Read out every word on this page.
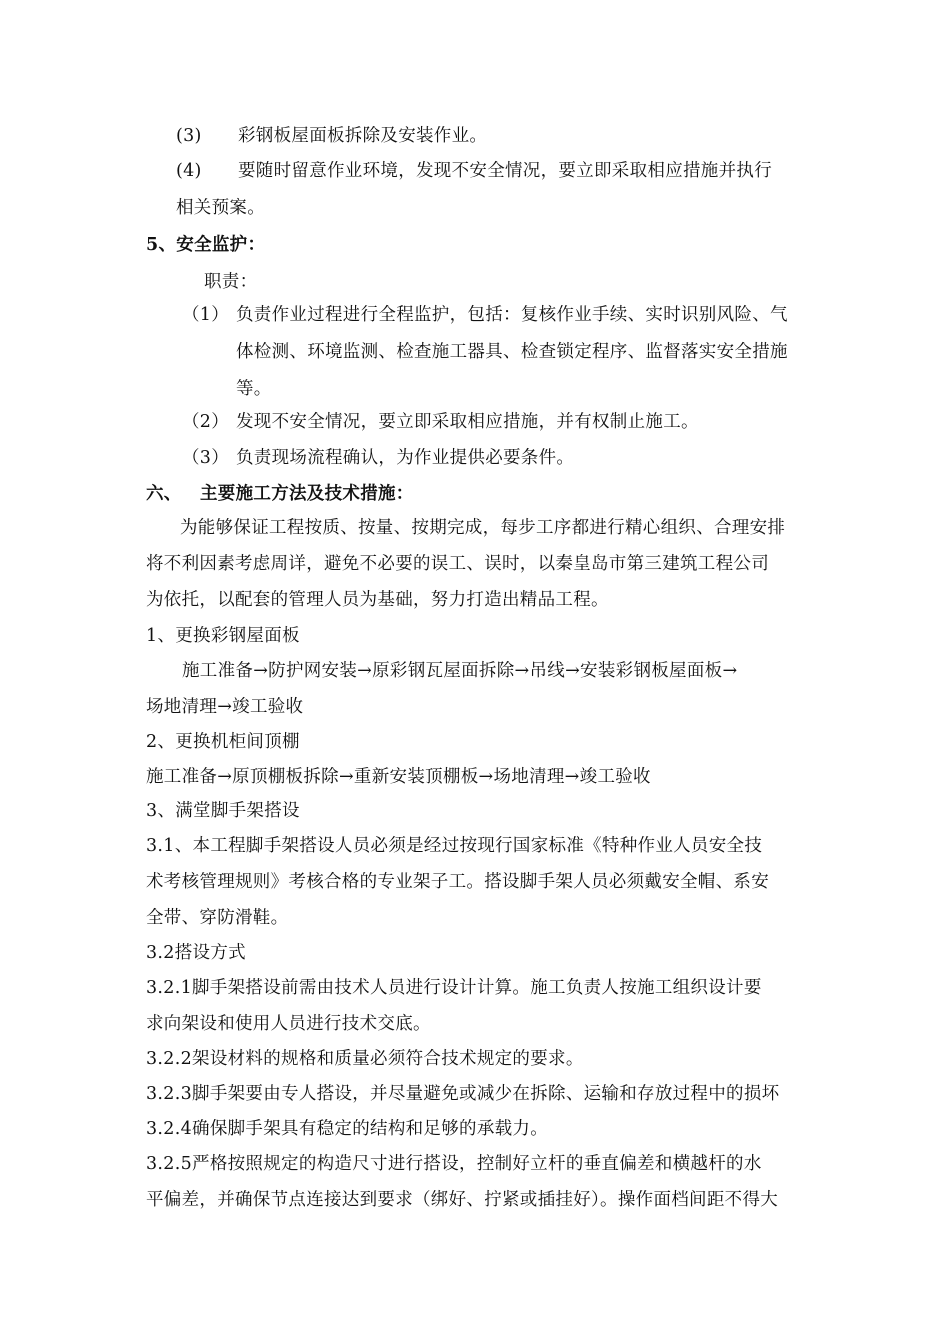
(3) 彩钢板屋面板拆除及安装作业。
(4) 要随时留意作业环境，发现不安全情况，要立即采取相应措施并执行
相关预案。
5、安全监护：
职责：
（1） 负责作业过程进行全程监护，包括：复核作业手续、实时识别风险、气
体检测、环境监测、检查施工器具、检查锁定程序、监督落实安全措施
等。
（2） 发现不安全情况，要立即采取相应措施，并有权制止施工。
（3） 负责现场流程确认，为作业提供必要条件。
六、 主要施工方法及技术措施：
为能够保证工程按质、按量、按期完成，每步工序都进行精心组织、合理安排
将不利因素考虑周详，避免不必要的误工、误时，以秦皇岛市第三建筑工程公司
为依托，以配套的管理人员为基础，努力打造出精品工程。
1、更换彩钢屋面板
施工准备→防护网安装→原彩钢瓦屋面拆除→吊线→安装彩钢板屋面板→
场地清理→竣工验收
2、更换机柜间顶棚
施工准备→原顶棚板拆除→重新安装顶棚板→场地清理→竣工验收
3、满堂脚手架搭设
3.1、本工程脚手架搭设人员必须是经过按现行国家标准《特种作业人员安全技
术考核管理规则》考核合格的专业架子工。搭设脚手架人员必须戴安全帽、系安
全带、穿防滑鞋。
3.2搭设方式
3.2.1脚手架搭设前需由技术人员进行设计计算。施工负责人按施工组织设计要
求向架设和使用人员进行技术交底。
3.2.2架设材料的规格和质量必须符合技术规定的要求。
3.2.3脚手架要由专人搭设，并尽量避免或减少在拆除、运输和存放过程中的损坏
3.2.4确保脚手架具有稳定的结构和足够的承载力。
3.2.5严格按照规定的构造尺寸进行搭设，控制好立杆的垂直偏差和横越杆的水
平偏差，并确保节点连接达到要求（绑好、拧紧或插挂好）。操作面档间距不得大
